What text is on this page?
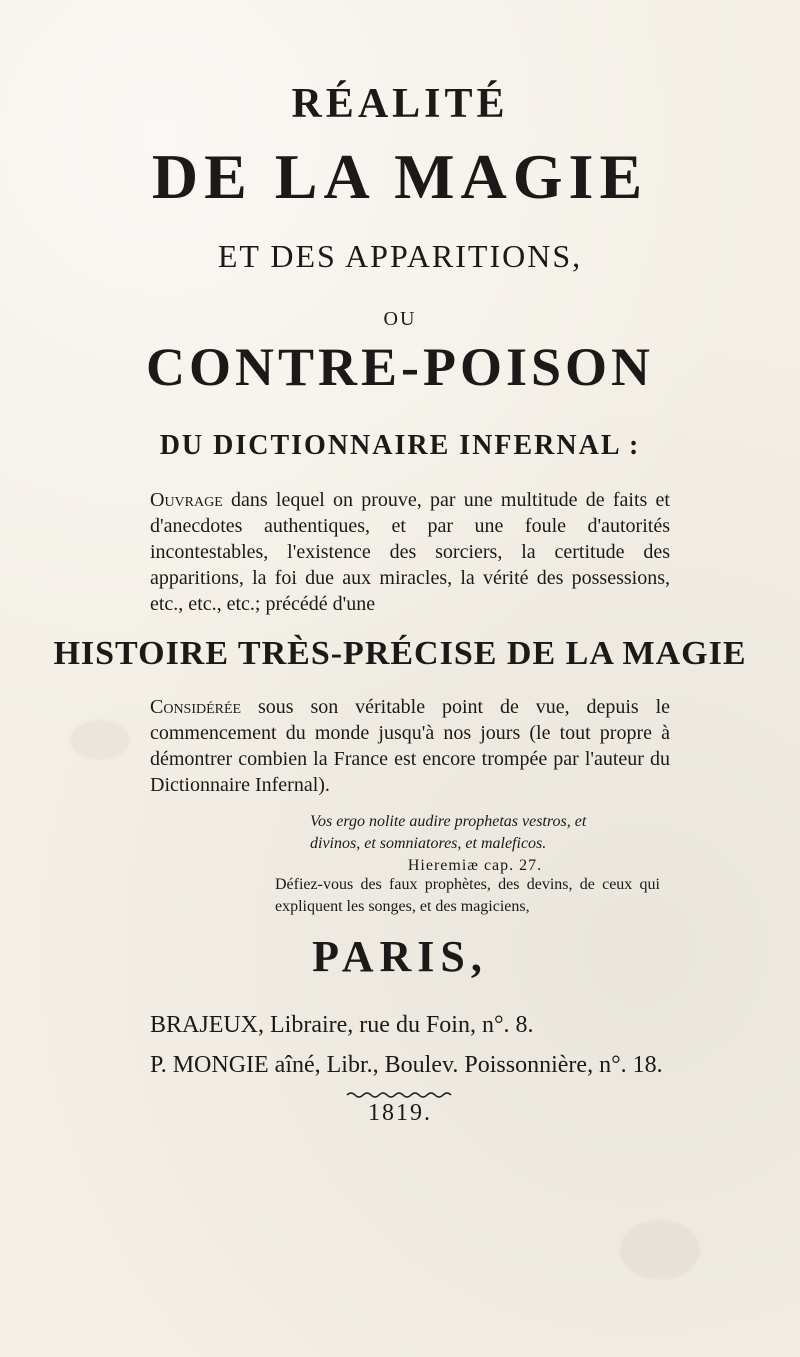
RÉALITÉ
DE LA MAGIE
ET DES APPARITIONS,
OU
CONTRE-POISON
DU DICTIONNAIRE INFERNAL :
Ouvrage dans lequel on prouve, par une multitude de faits et d'anecdotes authentiques, et par une foule d'autorités incontestables, l'existence des sorciers, la certitude des apparitions, la foi due aux miracles, la vérité des possessions, etc., etc., etc.; précédé d'une
HISTOIRE TRÈS-PRÉCISE DE LA MAGIE
Considérée sous son véritable point de vue, depuis le commencement du monde jusqu'à nos jours (le tout propre à démontrer combien la France est encore trompée par l'auteur du Dictionnaire Infernal).
Vos ergo nolite audire prophetas vestros, et divinos, et somniatores, et maleficos.
Hieremiæ cap. 27.
Défiez-vous des faux prophètes, des devins, de ceux qui expliquent les songes, et des magiciens,
PARIS,
BRAJEUX, Libraire, rue du Foin, n°. 8.
P. MONGIE aîné, Libr., Boulev. Poissonnière, n°. 18.
1819.
